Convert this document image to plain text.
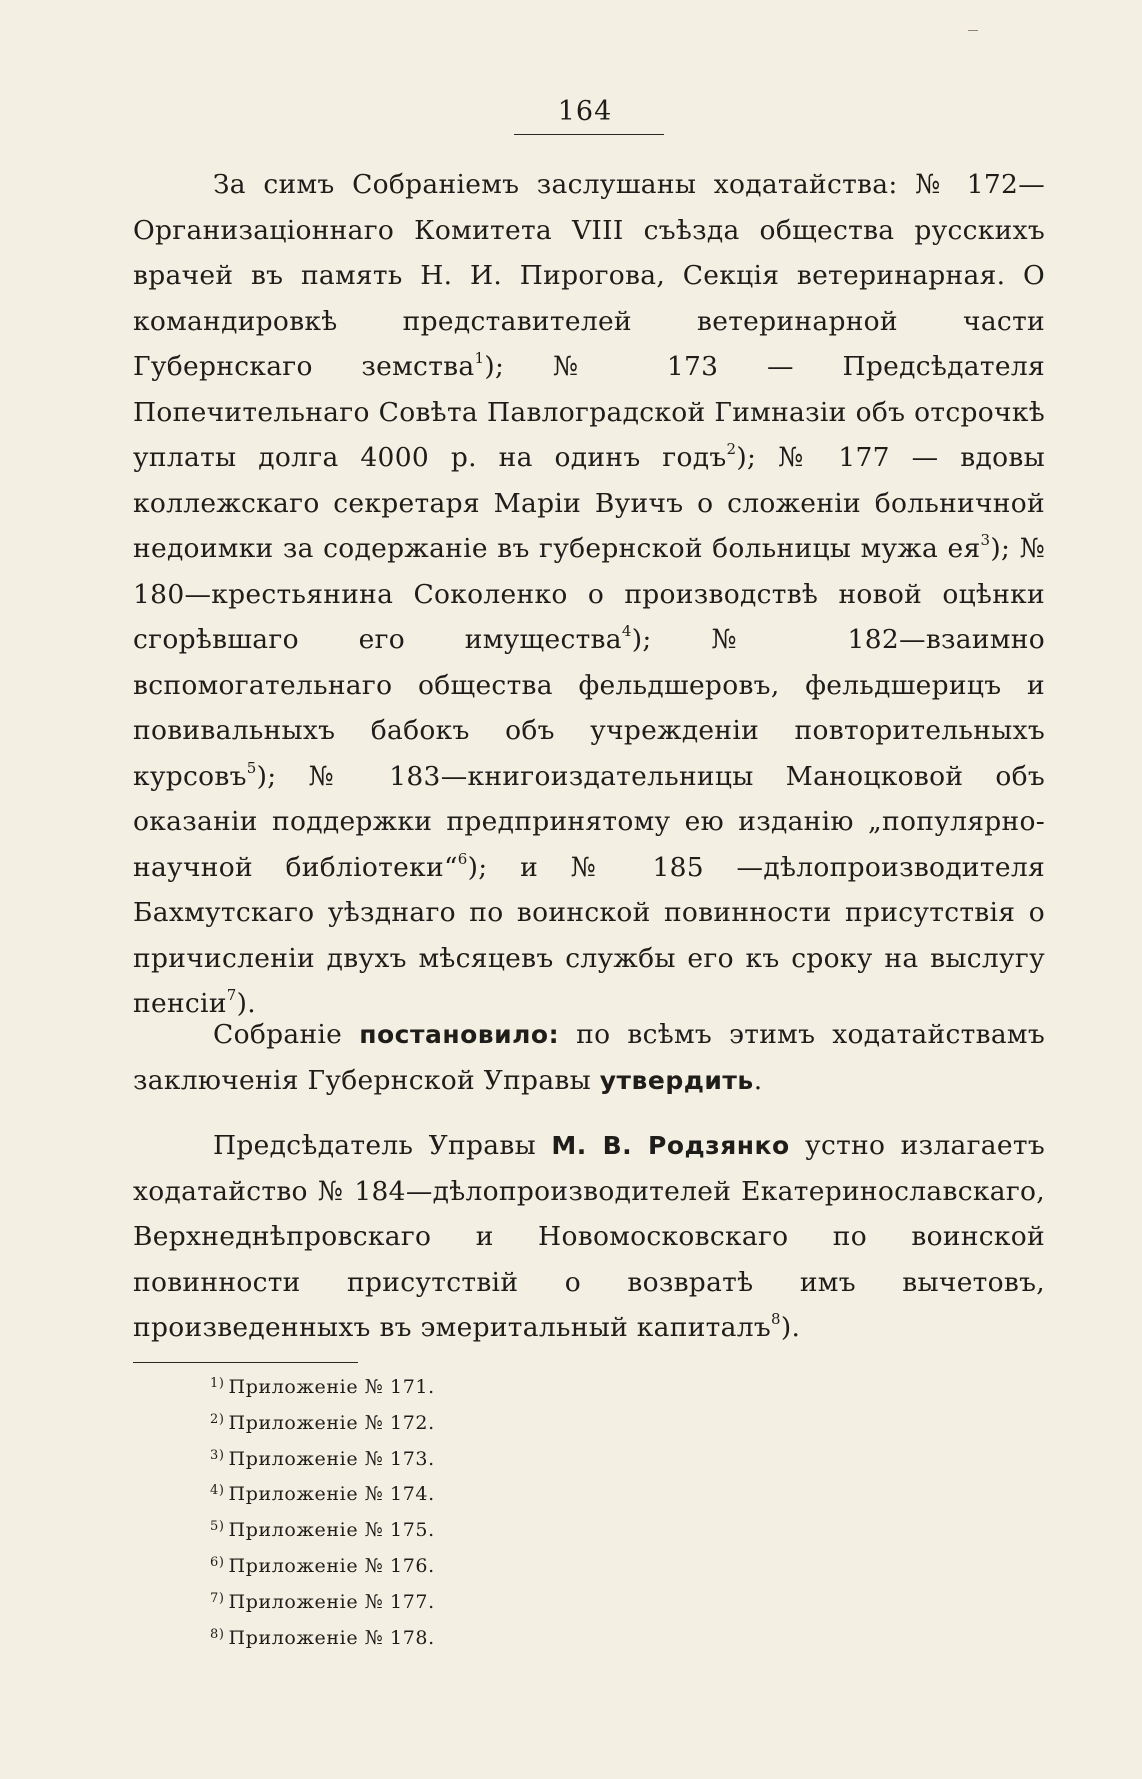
164

За симъ Собраніемъ заслушаны ходатайства: № 172— Организаціоннаго Комитета VIII съѣзда общества русскихъ врачей въ память Н. И. Пирогова, Секція ветеринарная. О командировкѣ представителей ветеринарной части Губернскаго земства$^1$); № 173 — Предсѣдателя Попечительнаго Совѣта Павлоградской Гимназіи объ отсрочкѣ уплаты долга 4000 р. на одинъ годъ$^2$); № 177 — вдовы коллежскаго секретаря Маріи Вуичъ о сложеніи больничной недоимки за содержаніе въ губернской больницы мужа $ея^3$); № 180—крестьянина Соколенко о производствѣ новой оцѣнки сгорѣвшаго его имущества$^4$); № 182—взаимно вспомогательнаго общества фельдшеровъ, фельдшерицъ и повивальныхъ бабокъ объ учрежденіи повторительныхъ курсовъ$^5$); № 183—книгоиздательницы Маноцковой объ оказаніи поддержки предпринятому ею изданію „популярно-научной библіотеки“$^6$); и № 185 —дѣлопроизводителя Бахмутскаго уѣзднаго по воинской повинности присутствія о причисленіи двухъ мѣсяцевъ службы его къ сроку на выслугу пенсіи$^7$).

Собраніе постановило: по всѣмъ этимъ ходатайствамъ заключенія Губернской Управы утвердить.

Предсѣдатель Управы М. В. Родзянко устно излагаетъ ходатайство № 184—дѣлопроизводителей Екатеринославскаго, Верхнеднѣпровскаго и Новомосковскаго по воинской повинности присутствій о возвратѣ имъ вычетовъ, произведенныхъ въ эмеритальный капиталъ$^8$).

$^{1)}$ Приложеніе № 171.
$^{2)}$ Приложеніе № 172.
$^{3)}$ Приложеніе № 173.
$^{4)}$ Приложеніе № 174.
$^{5)}$ Приложеніе № 175.
$^{6)}$ Приложеніе № 176.
$^{7)}$ Приложеніе № 177.
$^{8)}$ Приложеніе № 178.
